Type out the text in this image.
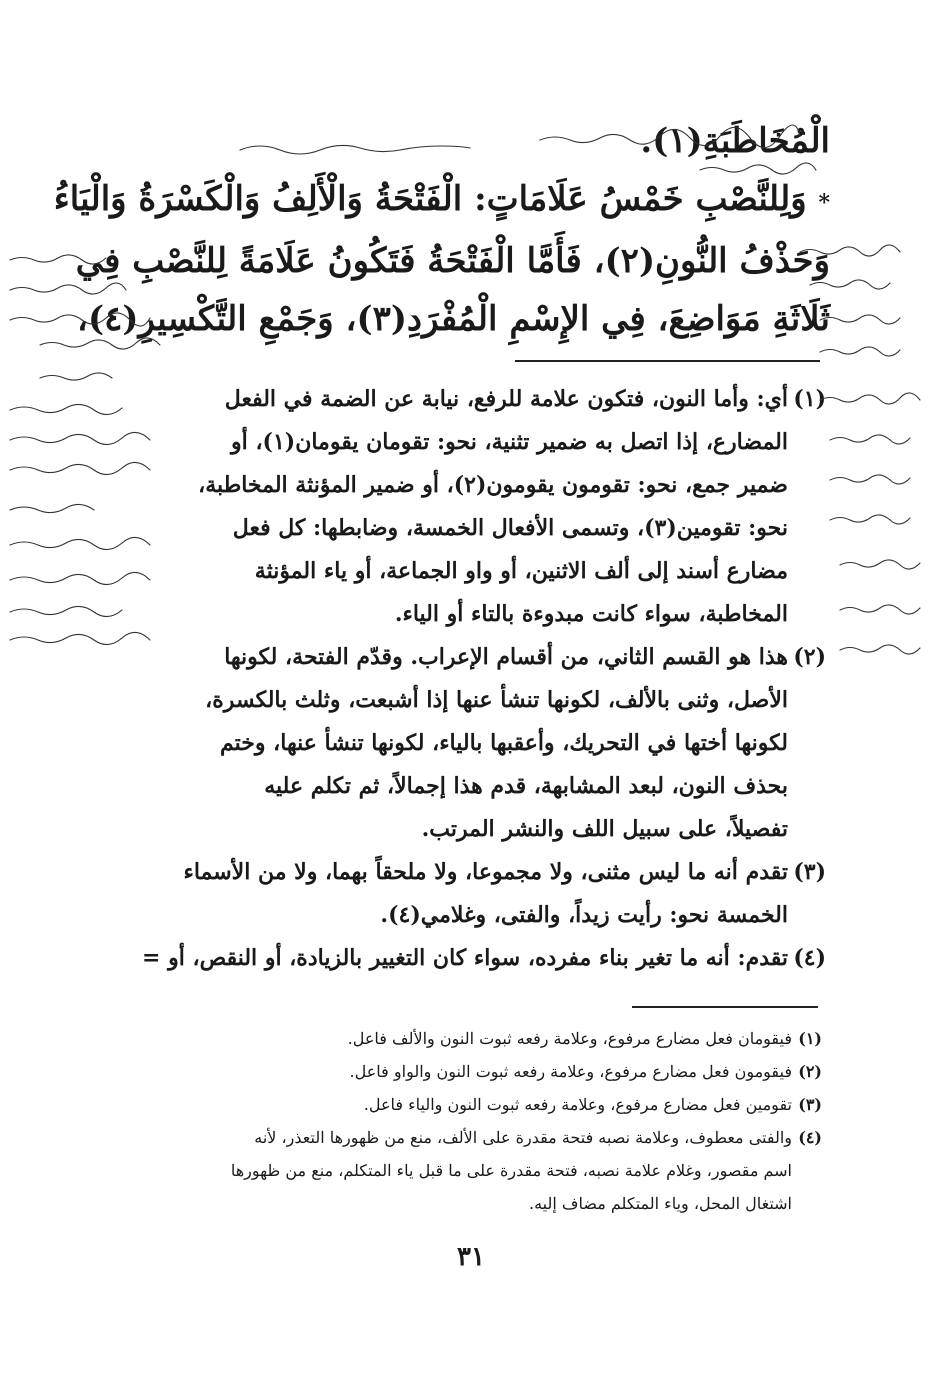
الْمُخَاطَبَةِ(١).
* وَلِلنَّصْبِ خَمْسُ عَلَامَاتٍ: الْفَتْحَةُ وَالْأَلِفُ وَالْكَسْرَةُ وَالْيَاءُ
وَحَذْفُ النُّونِ(٢)، فَأَمَّا الْفَتْحَةُ فَتَكُونُ عَلَامَةً لِلنَّصْبِ فِي
ثَلَاثَةِ مَوَاضِعَ، فِي الإِسْمِ الْمُفْرَدِ(٣)، وَجَمْعِ التَّكْسِيرِ(٤)،
(١)
أي: وأما النون، فتكون علامة للرفع، نيابة عن الضمة في الفعل
المضارع، إذا اتصل به ضمير تثنية، نحو: تقومان يقومان(١)، أو
ضمير جمع، نحو: تقومون يقومون(٢)، أو ضمير المؤنثة المخاطبة،
نحو: تقومين(٣)، وتسمى الأفعال الخمسة، وضابطها: كل فعل
مضارع أسند إلى ألف الاثنين، أو واو الجماعة، أو ياء المؤنثة
المخاطبة، سواء كانت مبدوءة بالتاء أو الياء.
(٢)
هذا هو القسم الثاني، من أقسام الإعراب. وقدّم الفتحة، لكونها
الأصل، وثنى بالألف، لكونها تنشأ عنها إذا أشبعت، وثلث بالكسرة،
لكونها أختها في التحريك، وأعقبها بالياء، لكونها تنشأ عنها، وختم
بحذف النون، لبعد المشابهة، قدم هذا إجمالاً، ثم تكلم عليه
تفصيلاً، على سبيل اللف والنشر المرتب.
(٣)
تقدم أنه ما ليس مثنى، ولا مجموعا، ولا ملحقاً بهما، ولا من الأسماء
الخمسة نحو: رأيت زيداً، والفتى، وغلامي(٤).
(٤)
تقدم: أنه ما تغير بناء مفرده، سواء كان التغيير بالزيادة، أو النقص، أو =
(١)
فيقومان فعل مضارع مرفوع، وعلامة رفعه ثبوت النون والألف فاعل.
(٢)
فيقومون فعل مضارع مرفوع، وعلامة رفعه ثبوت النون والواو فاعل.
(٣)
تقومين فعل مضارع مرفوع، وعلامة رفعه ثبوت النون والياء فاعل.
(٤)
والفتى معطوف، وعلامة نصبه فتحة مقدرة على الألف، منع من ظهورها التعذر، لأنه
اسم مقصور، وغلام علامة نصبه، فتحة مقدرة على ما قبل ياء المتكلم، منع من ظهورها
اشتغال المحل، وياء المتكلم مضاف إليه.
٣١
